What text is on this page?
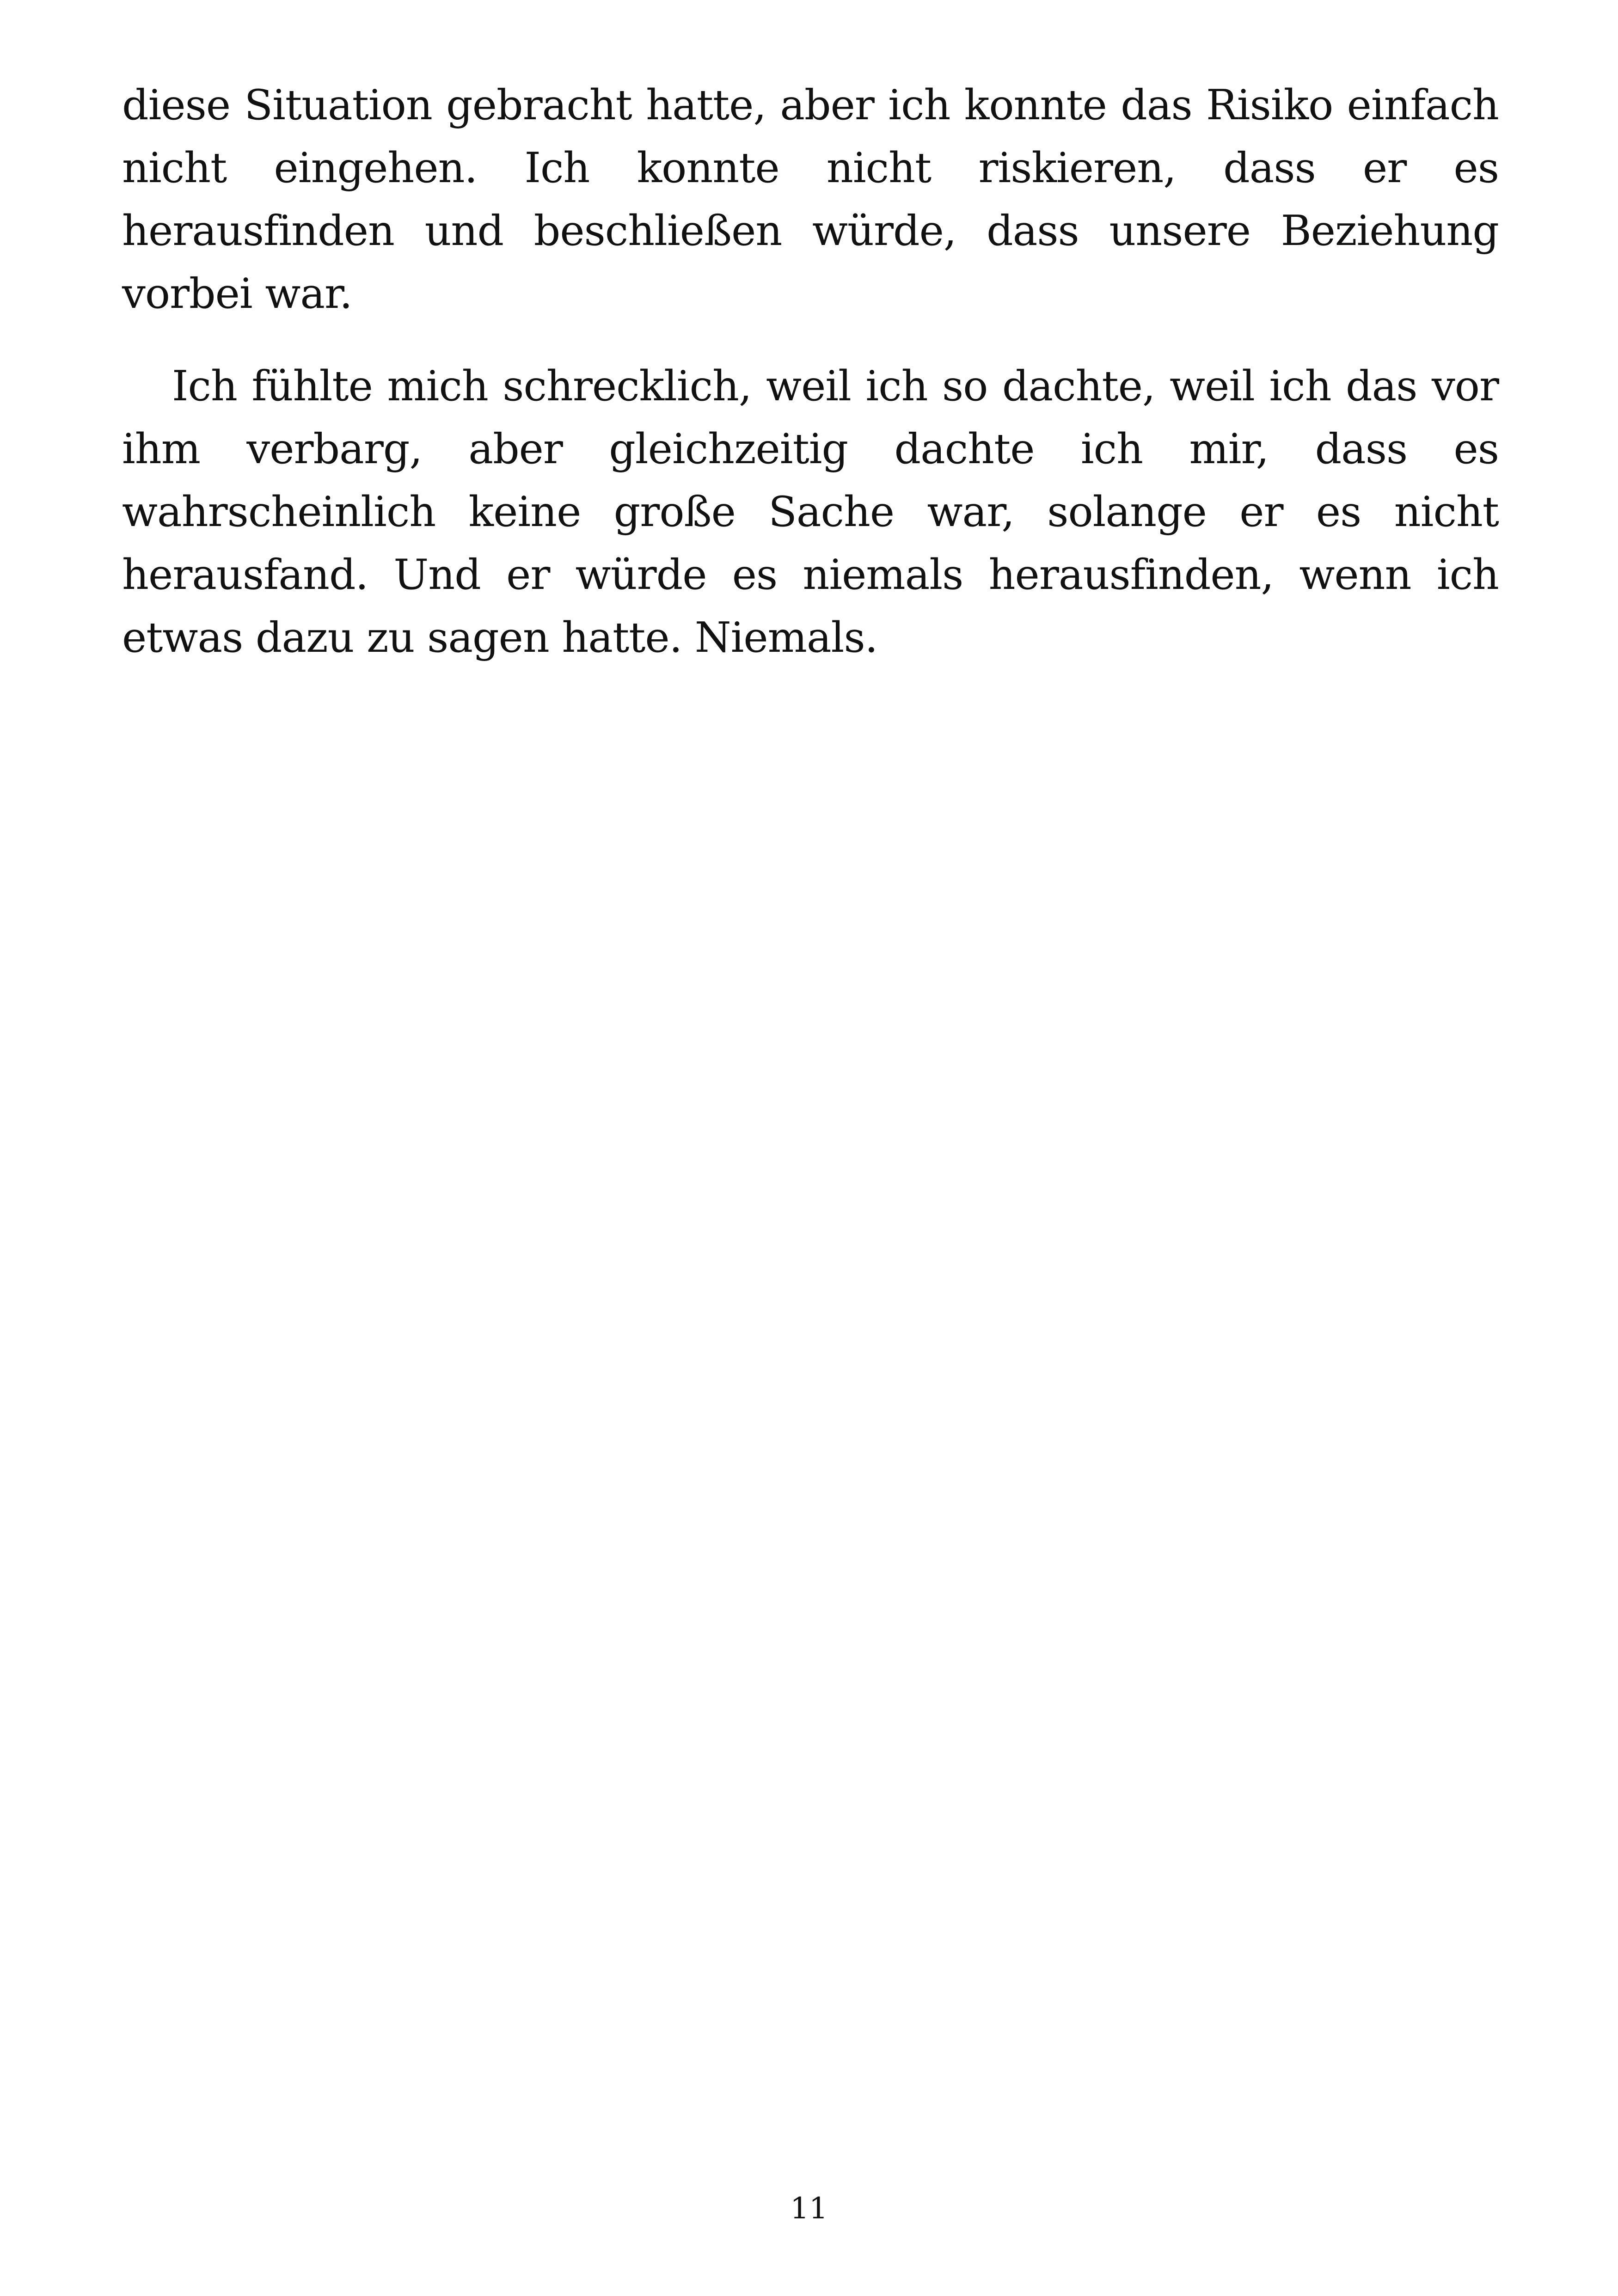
diese Situation gebracht hatte, aber ich konnte das Risiko einfach nicht eingehen. Ich konnte nicht riskieren, dass er es herausfinden und beschließen würde, dass unsere Beziehung vorbei war.

Ich fühlte mich schrecklich, weil ich so dachte, weil ich das vor ihm verbarg, aber gleichzeitig dachte ich mir, dass es wahrscheinlich keine große Sache war, solange er es nicht herausfand. Und er würde es niemals herausfinden, wenn ich etwas dazu zu sagen hatte. Niemals.

11
